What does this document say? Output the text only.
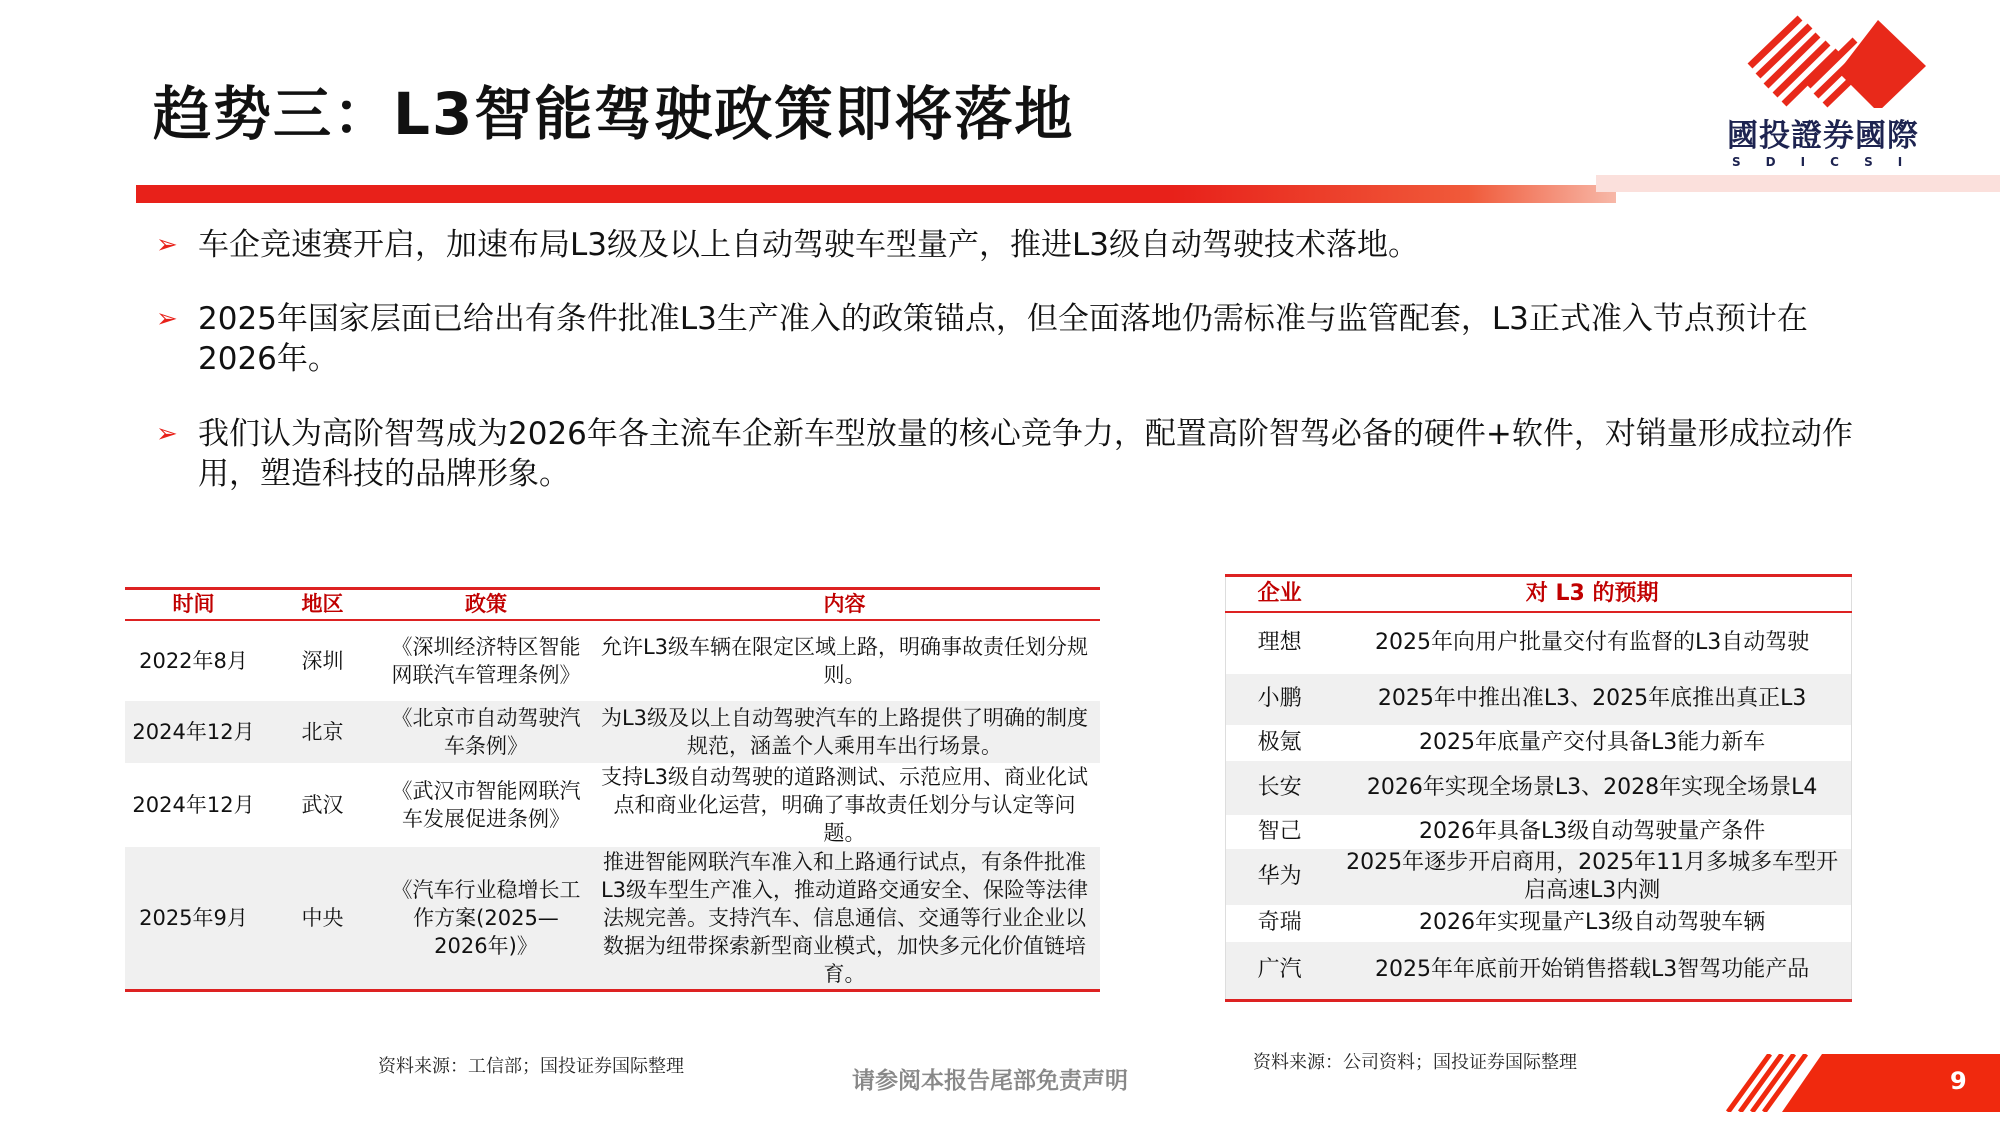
趋势三：L3智能驾驶政策即将落地	國投證券國際
SDICSI
➢ 车企竞速赛开启，加速布局L3级及以上自动驾驶车型量产，推进L3级自动驾驶技术落地。
➢ 2025年国家层面已给出有条件批准L3生产准入的政策锚点，但全面落地仍需标准与监管配套，L3正式准入节点预计在2026年。
➢ 我们认为高阶智驾成为2026年各主流车企新车型放量的核心竞争力，配置高阶智驾必备的硬件+软件，对销量形成拉动作用，塑造科技的品牌形象。
时间	地区	政策	内容
2022年8月	深圳	《深圳经济特区智能网联汽车管理条例》	允许L3级车辆在限定区域上路，明确事故责任划分规则。
2024年12月	北京	《北京市自动驾驶汽车条例》	为L3级及以上自动驾驶汽车的上路提供了明确的制度规范，涵盖个人乘用车出行场景。
2024年12月	武汉	《武汉市智能网联汽车发展促进条例》	支持L3级自动驾驶的道路测试、示范应用、商业化试点和商业化运营，明确了事故责任划分与认定等问题。
2025年9月	中央	《汽车行业稳增长工作方案(2025—2026年)》	推进智能网联汽车准入和上路通行试点，有条件批准L3级车型生产准入，推动道路交通安全、保险等法律法规完善。支持汽车、信息通信、交通等行业企业以数据为纽带探索新型商业模式，加快多元化价值链培育。
企业	对 L3 的预期
理想	2025年向用户批量交付有监督的L3自动驾驶
小鹏	2025年中推出准L3、2025年底推出真正L3
极氪	2025年底量产交付具备L3能力新车
长安	2026年实现全场景L3、2028年实现全场景L4
智己	2026年具备L3级自动驾驶量产条件
华为	2025年逐步开启商用，2025年11月多城多车型开启高速L3内测
奇瑞	2026年实现量产L3级自动驾驶车辆
广汽	2025年年底前开始销售搭载L3智驾功能产品
资料来源：工信部；国投证券国际整理	资料来源：公司资料；国投证券国际整理
请参阅本报告尾部免责声明	9
